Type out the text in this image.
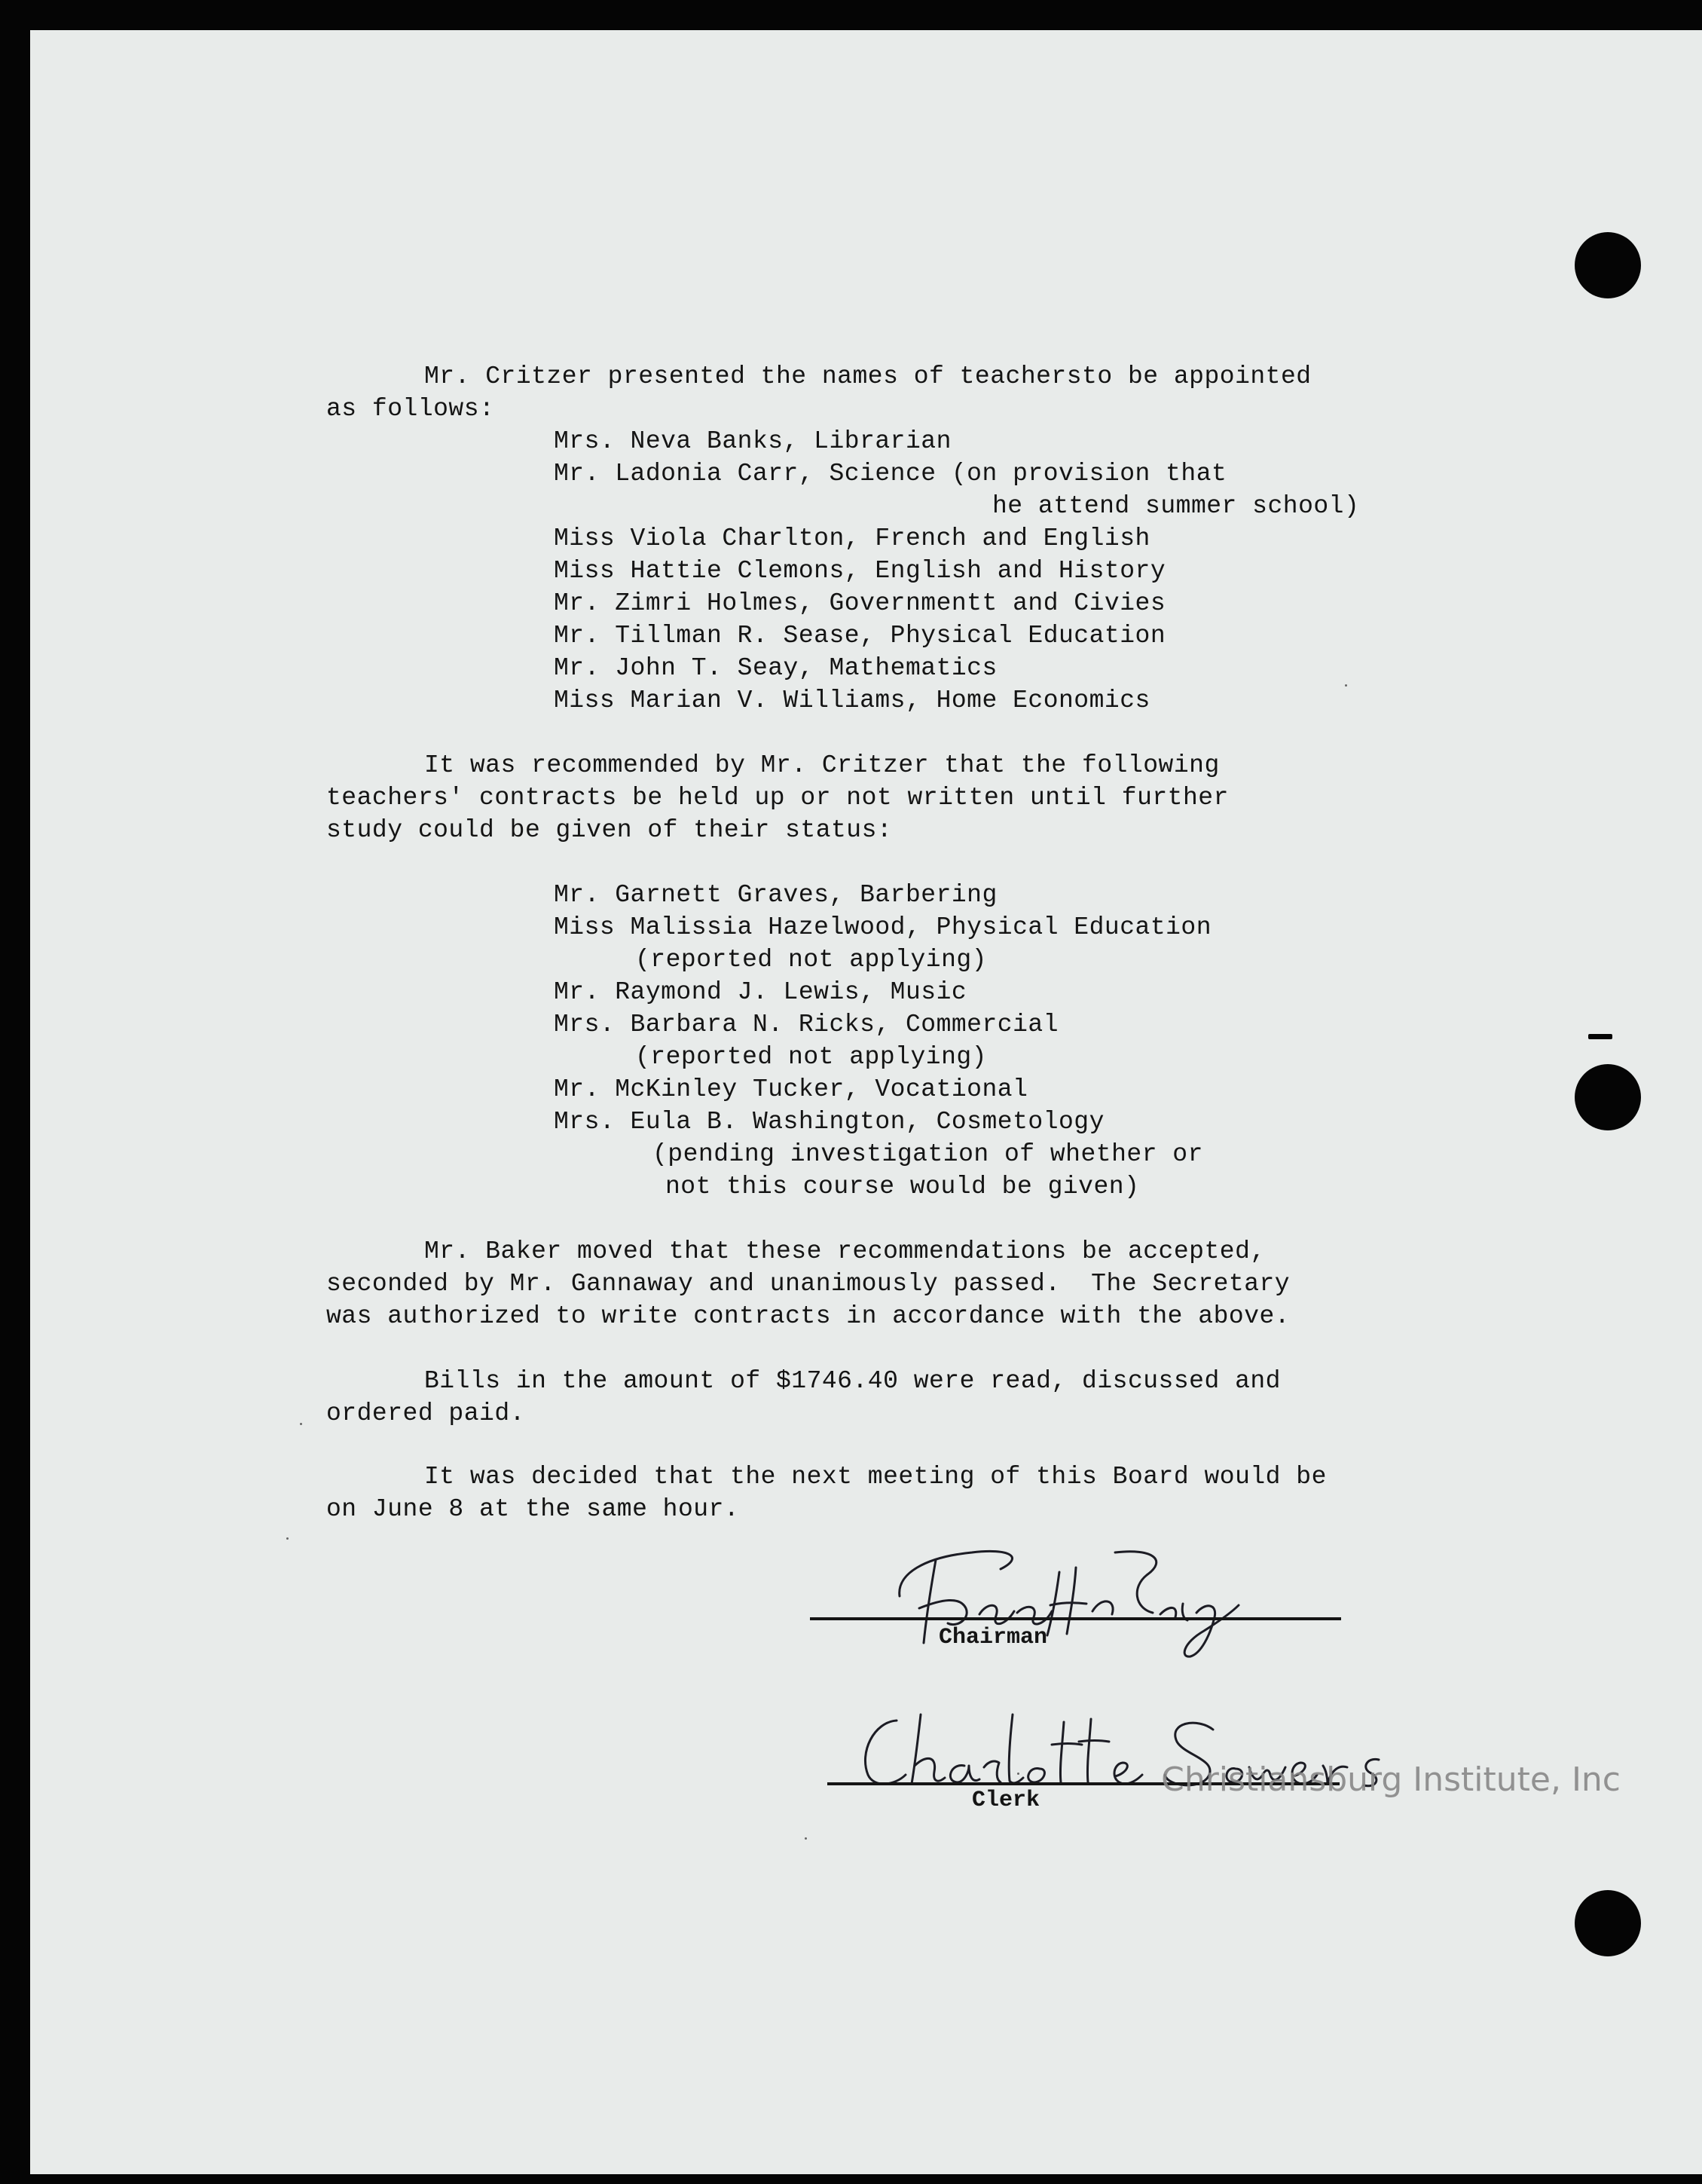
Mr. Critzer presented the names of teachersto be appointed
as follows:
Mrs. Neva Banks, Librarian
Mr. Ladonia Carr, Science (on provision that
he attend summer school)
Miss Viola Charlton, French and English
Miss Hattie Clemons, English and History
Mr. Zimri Holmes, Governmentt and Civies
Mr. Tillman R. Sease, Physical Education
Mr. John T. Seay, Mathematics
Miss Marian V. Williams, Home Economics
It was recommended by Mr. Critzer that the following
teachers' contracts be held up or not written until further
study could be given of their status:
Mr. Garnett Graves, Barbering
Miss Malissia Hazelwood, Physical Education
(reported not applying)
Mr. Raymond J. Lewis, Music
Mrs. Barbara N. Ricks, Commercial
(reported not applying)
Mr. McKinley Tucker, Vocational
Mrs. Eula B. Washington, Cosmetology
(pending investigation of whether or
not this course would be given)
Mr. Baker moved that these recommendations be accepted,
seconded by Mr. Gannaway and unanimously passed.  The Secretary
was authorized to write contracts in accordance with the above.
Bills in the amount of $1746.40 were read, discussed and
ordered paid.
It was decided that the next meeting of this Board would be
on June 8 at the same hour.
Chairman
Clerk
Christiansburg Institute, Inc
